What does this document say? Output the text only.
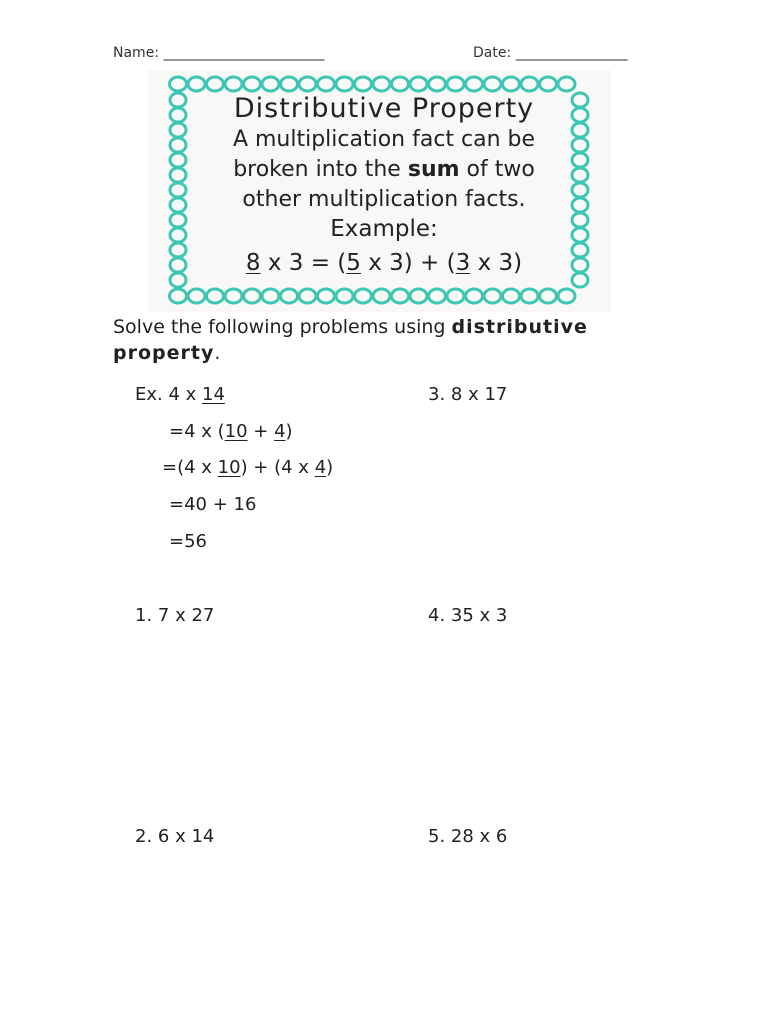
Name: _______________________	Date: ________________
Distributive Property
A multiplication fact can be
broken into the sum of two
other multiplication facts.
Example:
8 x 3 = (5 x 3) + (3 x 3)
Solve the following problems using distributive
property.
Ex. 4 x 14
=4 x (10 + 4)
=(4 x 10) + (4 x 4)
=40 + 16
=56
3. 8 x 17
1. 7 x 27	4. 35 x 3
2. 6 x 14	5. 28 x 6
